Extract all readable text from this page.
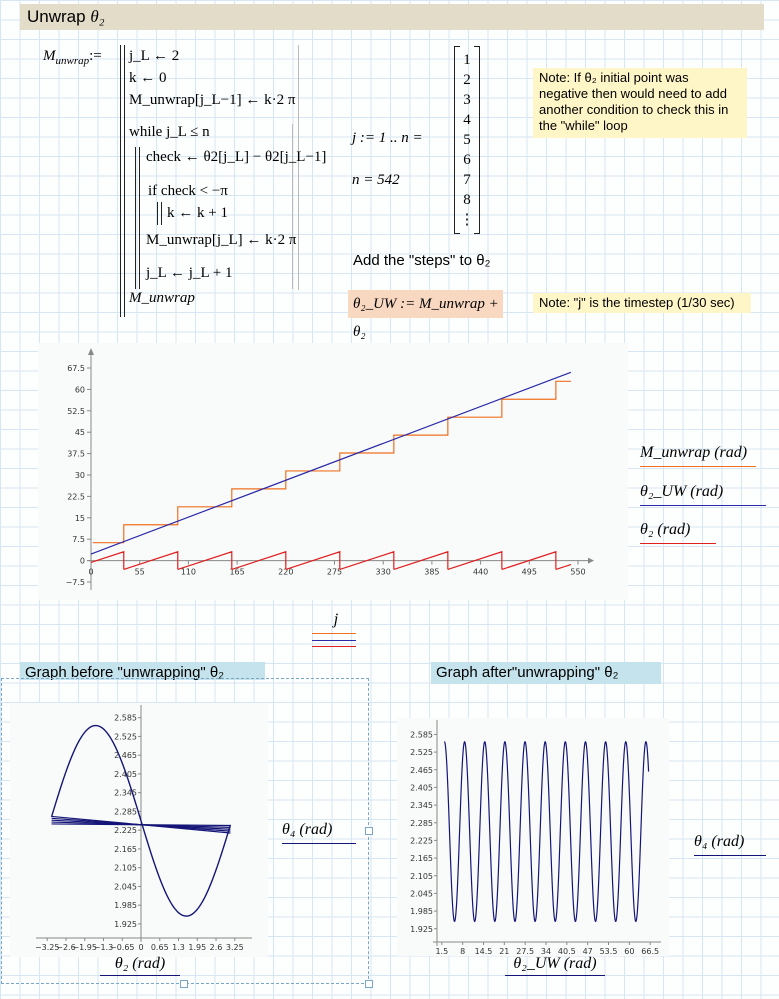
Unwrap θ₂
$M_{unwrap}:=$ j_L ← 2
k ← 0
M_unwrap[j_L−1] ← k·2 π
while j_L ≤ n
check ← θ2[j_L] − θ2[j_L−1]
if check < −π
k ← k + 1
M_unwrap[j_L] ← k·2 π
j_L ← j_L + 1
M_unwrap
j := 1 .. n =
n = 542
1
2
3
4
5
6
7
8
⋮
Note: If θ₂ initial point was negative then would need to add another condition to check this in the "while" loop
Add the "steps" to θ₂
θ₂_UW := M_unwrap + θ₂
Note: "j" is the timestep (1/30 sec)
0	55	110	165	220	275	330	385	440	495	550
−7.5
0
7.5
15
22.5
30
37.5
45
52.5
60
67.5
M_unwrap (rad)
θ₂_UW (rad)
θ₂ (rad)
j
Graph before "unwrapping" θ₂	Graph after"unwrapping" θ₂
−3.25
−2.6
−1.95
−1.3
−0.65 0 0.65 1.3 1.95 2.6 3.25
1.925
1.985
2.045
2.105
2.165
2.225
2.285
2.345
2.405
2.465
2.525
2.585
θ₂ (rad)
θ₄ (rad)
1.5 8 14.5 21 27.5 34 40.5 47 53.5 60 66.5
1.925
1.985
2.045
2.105
2.165
2.225
2.285
2.345
2.405
2.465
2.525
2.585
θ₂_UW (rad)
θ₄ (rad)
